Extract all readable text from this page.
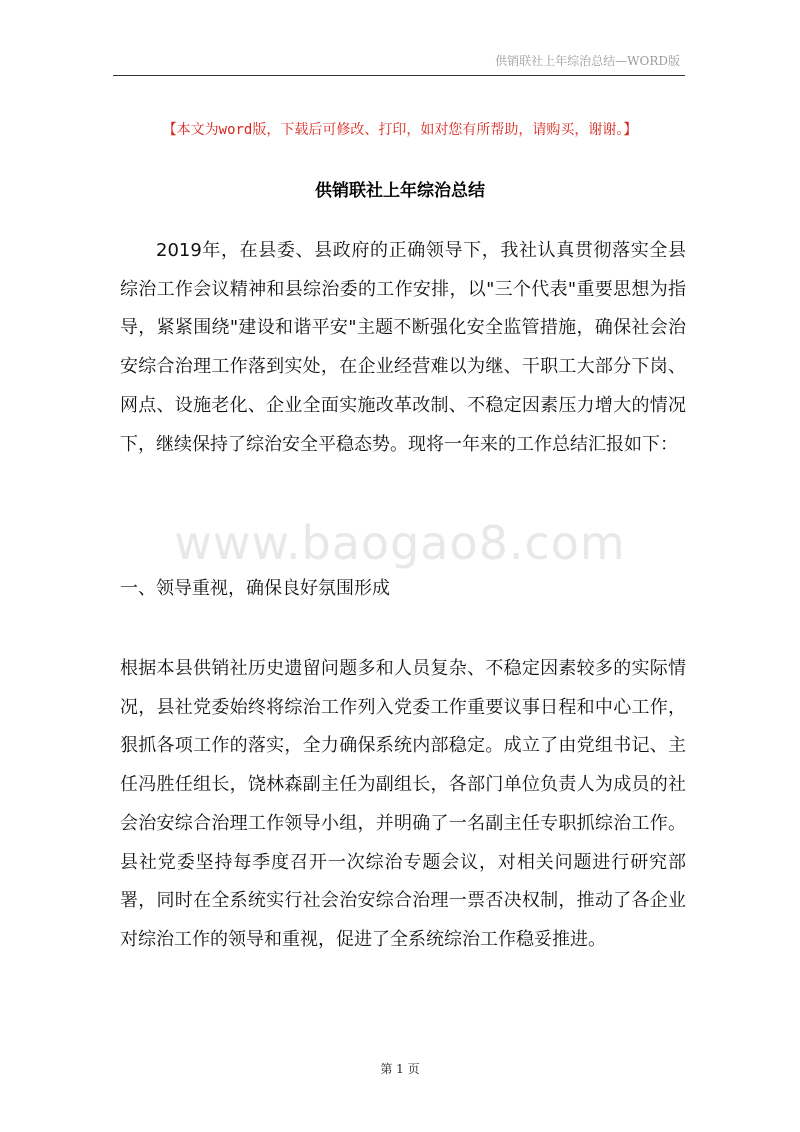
供销联社上年综治总结—WORD版
【本文为word版，下载后可修改、打印，如对您有所帮助，请购买，谢谢。】
供销联社上年综治总结

2019年，在县委、县政府的正确领导下，我社认真贯彻落实全县综治工作会议精神和县综治委的工作安排，以"三个代表"重要思想为指导，紧紧围绕"建设和谐平安"主题不断强化安全监管措施，确保社会治安综合治理工作落到实处，在企业经营难以为继、干职工大部分下岗、网点、设施老化、企业全面实施改革改制、不稳定因素压力增大的情况下，继续保持了综治安全平稳态势。现将一年来的工作总结汇报如下：

www.baogao8.com
一、领导重视，确保良好氛围形成

根据本县供销社历史遗留问题多和人员复杂、不稳定因素较多的实际情况，县社党委始终将综治工作列入党委工作重要议事日程和中心工作，狠抓各项工作的落实，全力确保系统内部稳定。成立了由党组书记、主任冯胜任组长，饶林森副主任为副组长，各部门单位负责人为成员的社会治安综合治理工作领导小组，并明确了一名副主任专职抓综治工作。县社党委坚持每季度召开一次综治专题会议，对相关问题进行研究部署，同时在全系统实行社会治安综合治理一票否决权制，推动了各企业对综治工作的领导和重视，促进了全系统综治工作稳妥推进。

第 1 页
